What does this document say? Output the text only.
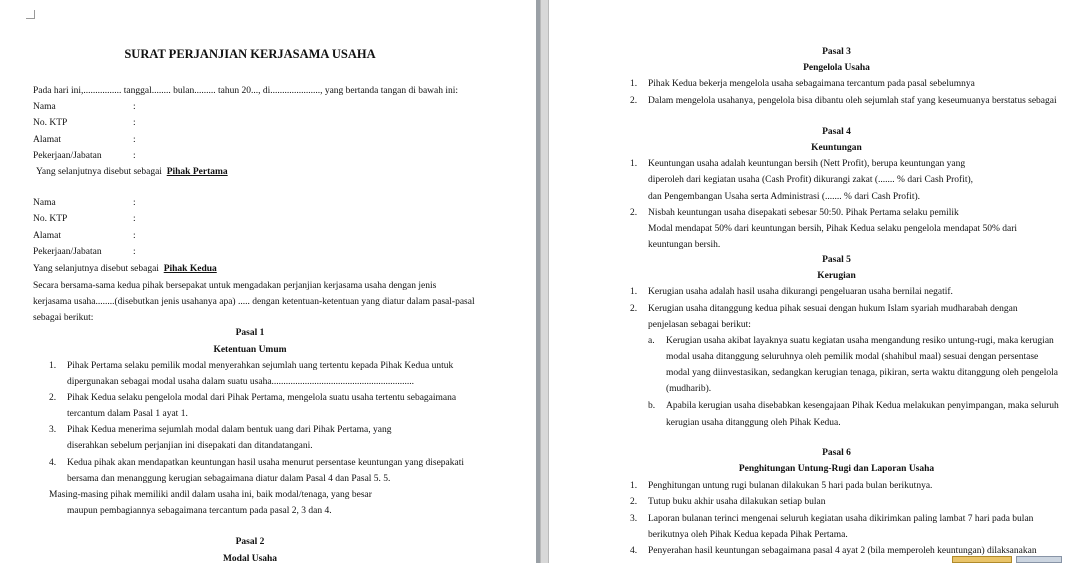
SURAT PERJANJIAN KERJASAMA USAHA
Pada hari ini,................ tanggal........ bulan......... tahun 20..., di....................., yang bertanda tangan di bawah ini:
Nama	:
No. KTP	:
Alamat	:
Pekerjaan/Jabatan	:
Yang selanjutnya disebut sebagai Pihak Pertama
Nama	:
No. KTP	:
Alamat	:
Pekerjaan/Jabatan	:
Yang selanjutnya disebut sebagai Pihak Kedua
Secara bersama-sama kedua pihak bersepakat untuk mengadakan perjanjian kerjasama usaha dengan jenis
kerjasama usaha........(disebutkan jenis usahanya apa) ..... dengan ketentuan-ketentuan yang diatur dalam pasal-pasal
sebagai berikut:
Pasal 1
Ketentuan Umum
1. Pihak Pertama selaku pemilik modal menyerahkan sejumlah uang tertentu kepada Pihak Kedua untuk
dipergunakan sebagai modal usaha dalam suatu usaha............................................................
2. Pihak Kedua selaku pengelola modal dari Pihak Pertama, mengelola suatu usaha tertentu sebagaimana
tercantum dalam Pasal 1 ayat 1.
3. Pihak Kedua menerima sejumlah modal dalam bentuk uang dari Pihak Pertama, yang
diserahkan sebelum perjanjian ini disepakati dan ditandatangani.
4. Kedua pihak akan mendapatkan keuntungan hasil usaha menurut persentase keuntungan yang disepakati
bersama dan menanggung kerugian sebagaimana diatur dalam Pasal 4 dan Pasal 5. 5.
Masing-masing pihak memiliki andil dalam usaha ini, baik modal/tenaga, yang besar
maupun pembagiannya sebagaimana tercantum pada pasal 2, 3 dan 4.
Pasal 2
Modal Usaha
Pasal 3
Pengelola Usaha
1. Pihak Kedua bekerja mengelola usaha sebagaimana tercantum pada pasal sebelumnya
2. Dalam mengelola usahanya, pengelola bisa dibantu oleh sejumlah staf yang keseumuanya berstatus sebagai
Pasal 4
Keuntungan
1. Keuntungan usaha adalah keuntungan bersih (Nett Profit), berupa keuntungan yang
diperoleh dari kegiatan usaha (Cash Profit) dikurangi zakat (....... % dari Cash Profit),
dan Pengembangan Usaha serta Administrasi (....... % dari Cash Profit).
2. Nisbah keuntungan usaha disepakati sebesar 50:50. Pihak Pertama selaku pemilik
Modal mendapat 50% dari keuntungan bersih, Pihak Kedua selaku pengelola mendapat 50% dari
keuntungan bersih.
Pasal 5
Kerugian
1. Kerugian usaha adalah hasil usaha dikurangi pengeluaran usaha bernilai negatif.
2. Kerugian usaha ditanggung kedua pihak sesuai dengan hukum Islam syariah mudharabah dengan
penjelasan sebagai berikut:
a. Kerugian usaha akibat layaknya suatu kegiatan usaha mengandung resiko untung-rugi, maka kerugian
modal usaha ditanggung seluruhnya oleh pemilik modal (shahibul maal) sesuai dengan persentase
modal yang diinvestasikan, sedangkan kerugian tenaga, pikiran, serta waktu ditanggung oleh pengelola
(mudharib).
b. Apabila kerugian usaha disebabkan kesengajaan Pihak Kedua melakukan penyimpangan, maka seluruh
kerugian usaha ditanggung oleh Pihak Kedua.
Pasal 6
Penghitungan Untung-Rugi dan Laporan Usaha
1. Penghitungan untung rugi bulanan dilakukan 5 hari pada bulan berikutnya.
2. Tutup buku akhir usaha dilakukan setiap bulan
3. Laporan bulanan terinci mengenai seluruh kegiatan usaha dikirimkan paling lambat 7 hari pada bulan
berikutnya oleh Pihak Kedua kepada Pihak Pertama.
4. Penyerahan hasil keuntungan sebagaimana pasal 4 ayat 2 (bila memperoleh keuntungan) dilaksanakan
